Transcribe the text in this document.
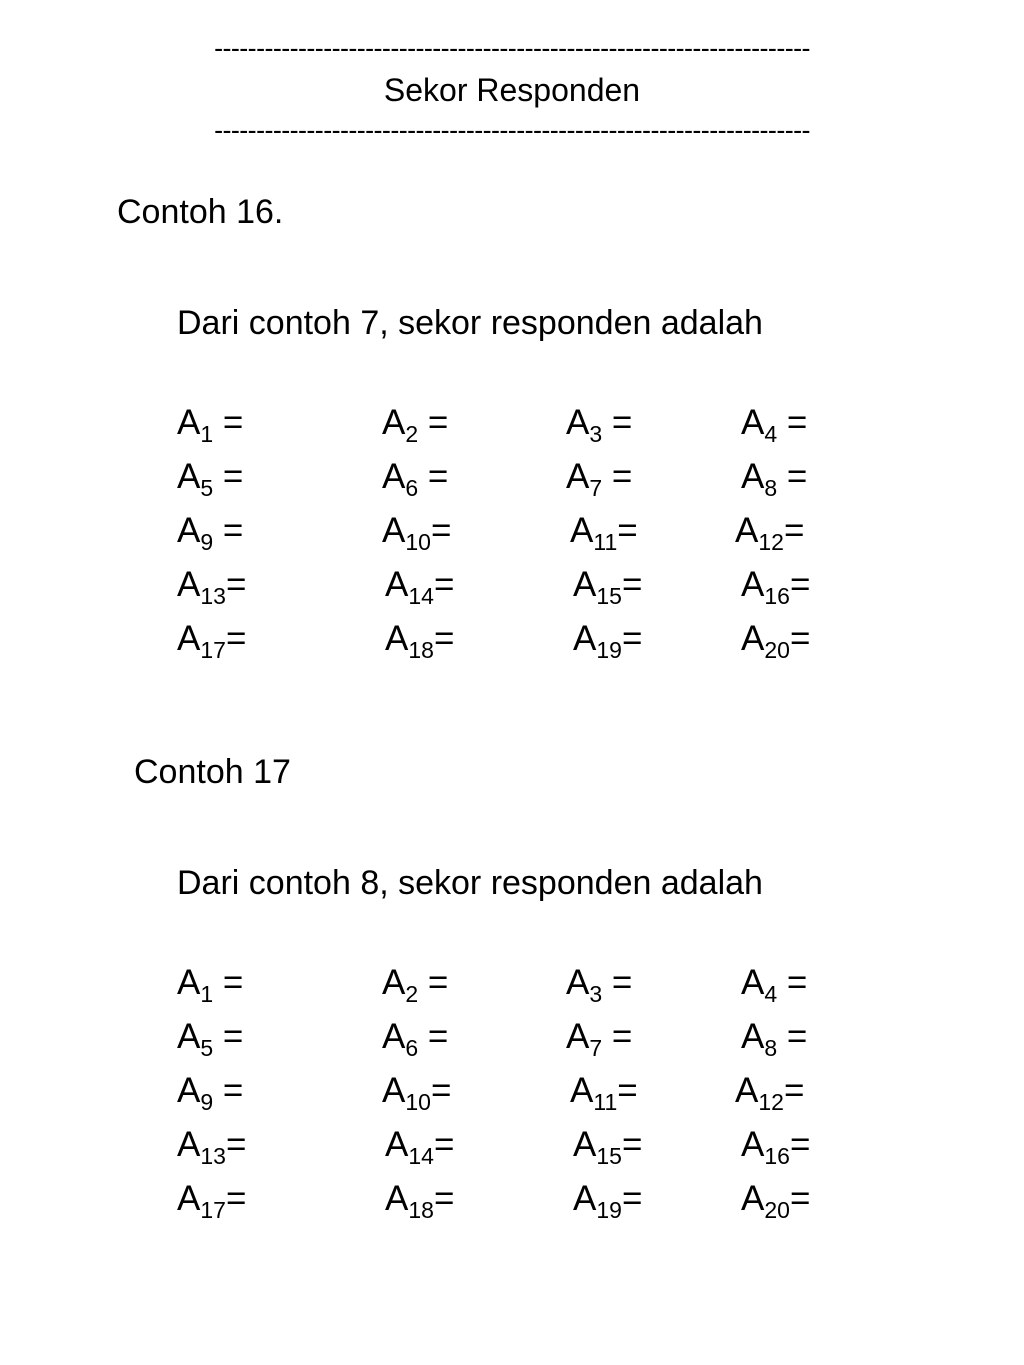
-----------------------------------------------------------------------
Sekor Responden
-----------------------------------------------------------------------
Contoh 16.
Dari contoh 7, sekor responden adalah
$A_1$ =	$A_2$ =	$A_3$ =	$A_4$ =
$A_5$ =	$A_6$ =	$A_7$ =	$A_8$ =
$A_9$ =	$A_{10}=$	$A_{11}=$	$A_{12}=$
$A_{13}=$	$A_{14}=$	$A_{15}=$	$A_{16}=$
$A_{17}=$	$A_{18}=$	$A_{19}=$	$A_{20}=$
Contoh 17
Dari contoh 8, sekor responden adalah
$A_1$ =	$A_2$ =	$A_3$ =	$A_4$ =
$A_5$ =	$A_6$ =	$A_7$ =	$A_8$ =
$A_9$ =	$A_{10}=$	$A_{11}=$	$A_{12}=$
$A_{13}=$	$A_{14}=$	$A_{15}=$	$A_{16}=$
$A_{17}=$	$A_{18}=$	$A_{19}=$	$A_{20}=$
